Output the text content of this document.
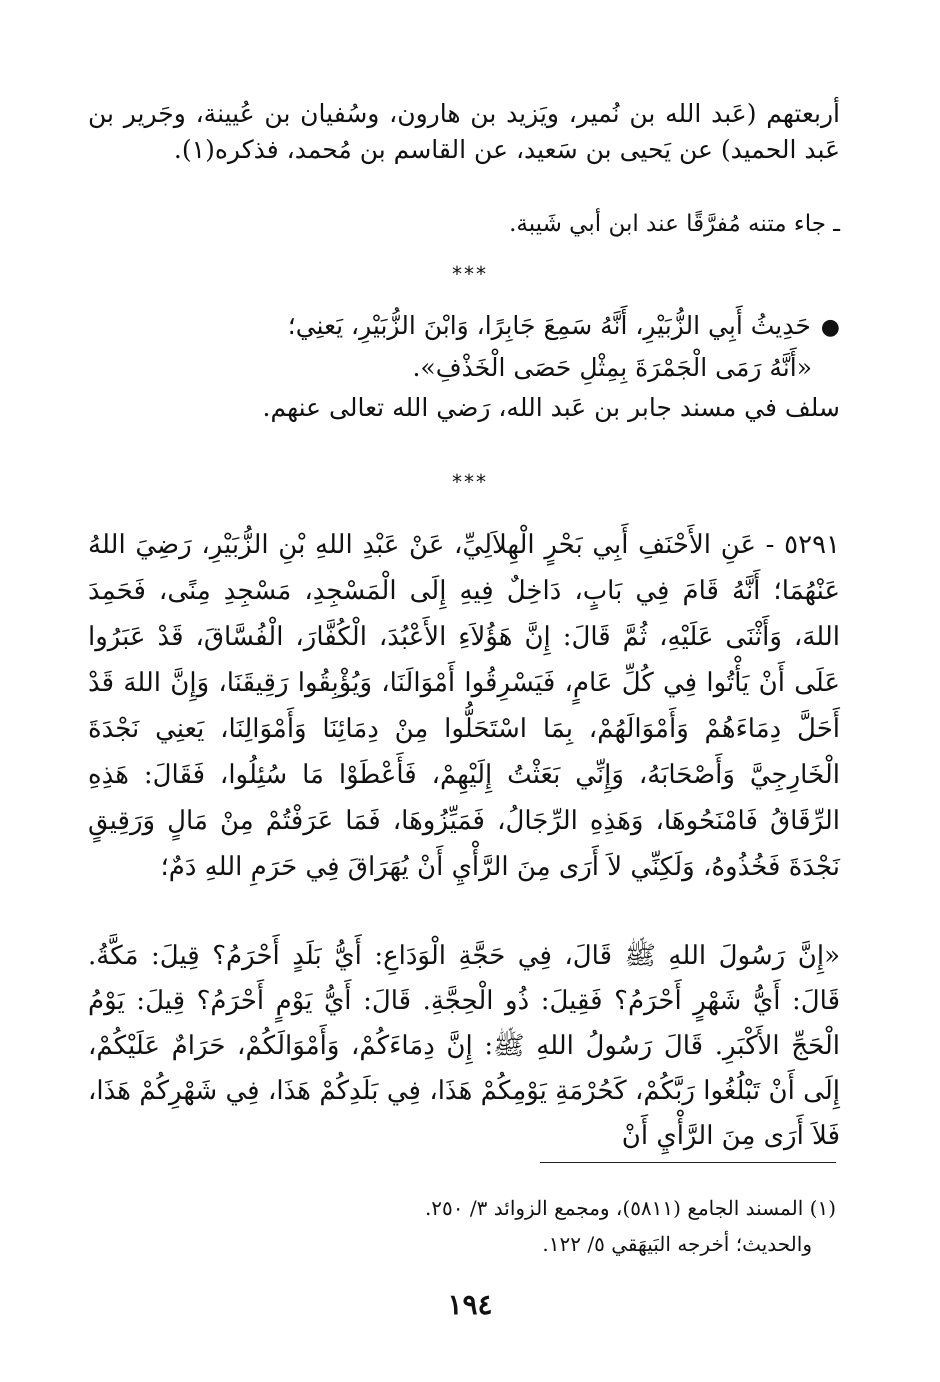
أربعتهم (عَبد الله بن نُمير، ويَزيد بن هارون، وسُفيان بن عُيينة، وجَرير بن عَبد الحميد) عن يَحيى بن سَعيد، عن القاسم بن مُحمد، فذكره(١).

ـ جاء متنه مُفرَّقًا عند ابن أبي شَيبة.
***

●حَدِيثُ أَبِي الزُّبَيْرِ، أَنَّهُ سَمِعَ جَابِرًا، وَابْنَ الزُّبَيْرِ، يَعنِي؛

«أَنَّهُ رَمَى الْجَمْرَةَ بِمِثْلِ حَصَى الْخَذْفِ».

سلف في مسند جابر بن عَبد الله، رَضي الله تعالى عنهم.

***

٥٢٩١ - عَنِ الأَحْنَفِ أَبِي بَحْرٍ الْهِلاَلِيِّ، عَنْ عَبْدِ اللهِ بْنِ الزُّبَيْرِ، رَضِيَ اللهُ عَنْهُمَا؛ أَنَّهُ قَامَ فِي بَابٍ، دَاخِلٌ فِيهِ إِلَى الْمَسْجِدِ، مَسْجِدِ مِنًى، فَحَمِدَ اللهَ، وَأَثْنَى عَلَيْهِ، ثُمَّ قَالَ: إِنَّ هَؤُلاَءِ الأَعْبُدَ، الْكُفَّارَ، الْفُسَّاقَ، قَدْ عَبَرُوا عَلَى أَنْ يَأْتُوا فِي كُلِّ عَامٍ، فَيَسْرِقُوا أَمْوَالَنَا، وَيُؤْبِقُوا رَقِيقَنَا، وَإِنَّ اللهَ قَدْ أَحَلَّ دِمَاءَهُمْ وَأَمْوَالَهُمْ، بِمَا اسْتَحَلُّوا مِنْ دِمَائِنَا وَأَمْوَالِنَا، يَعنِي نَجْدَةَ الْخَارِجِيَّ وَأَصْحَابَهُ، وَإِنِّي بَعَثْتُ إِلَيْهِمْ، فَأَعْطَوْا مَا سُئِلُوا، فَقَالَ: هَذِهِ الرِّقَاقُ فَامْنَحُوهَا، وَهَذِهِ الرِّجَالُ، فَمَيِّزُوهَا، فَمَا عَرَفْتُمْ مِنْ مَالٍ وَرَقِيقٍ نَجْدَةَ فَخُذُوهُ، وَلَكِنِّي لاَ أَرَى مِنَ الرَّأْيِ أَنْ يُهَرَاقَ فِي حَرَمِ اللهِ دَمٌ؛

«إِنَّ رَسُولَ اللهِ ﷺ قَالَ، فِي حَجَّةِ الْوَدَاعِ: أَيُّ بَلَدٍ أَحْرَمُ؟ قِيلَ: مَكَّةُ. قَالَ: أَيُّ شَهْرٍ أَحْرَمُ؟ فَقِيلَ: ذُو الْحِجَّةِ. قَالَ: أَيُّ يَوْمٍ أَحْرَمُ؟ قِيلَ: يَوْمُ الْحَجِّ الأَكْبَرِ. قَالَ رَسُولُ اللهِ ﷺ: إِنَّ دِمَاءَكُمْ، وَأَمْوَالَكُمْ، حَرَامٌ عَلَيْكُمْ، إِلَى أَنْ تَبْلُغُوا رَبَّكُمْ، كَحُرْمَةِ يَوْمِكُمْ هَذَا، فِي بَلَدِكُمْ هَذَا، فِي شَهْرِكُمْ هَذَا، فَلاَ أَرَى مِنَ الرَّأْيِ أَنْ

(١) المسند الجامع (٥٨١١)، ومجمع الزوائد ٣/ ٢٥٠.

والحديث؛ أخرجه البَيهَقي ٥/ ١٢٢.

١٩٤
